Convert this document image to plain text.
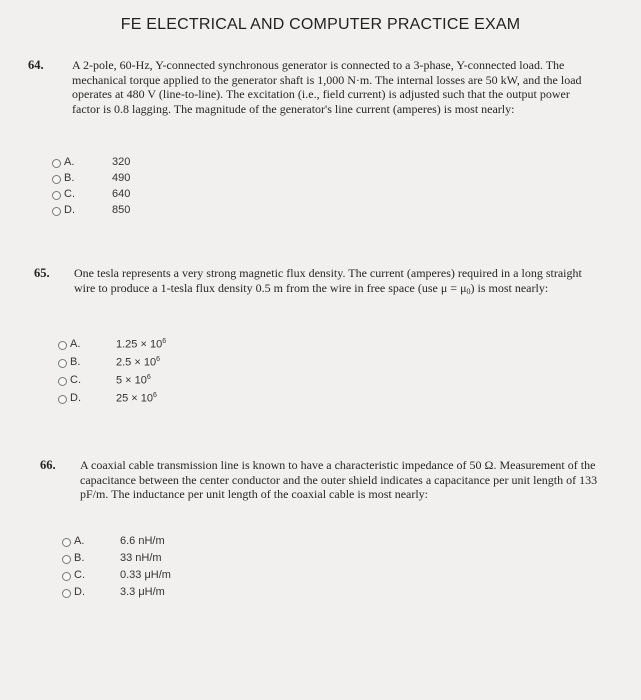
FE ELECTRICAL AND COMPUTER PRACTICE EXAM
64. A 2-pole, 60-Hz, Y-connected synchronous generator is connected to a 3-phase, Y-connected load. The mechanical torque applied to the generator shaft is 1,000 N·m. The internal losses are 50 kW, and the load operates at 480 V (line-to-line). The excitation (i.e., field current) is adjusted such that the output power factor is 0.8 lagging. The magnitude of the generator's line current (amperes) is most nearly:
A.	320
B.	490
C.	640
D.	850
65. One tesla represents a very strong magnetic flux density. The current (amperes) required in a long straight wire to produce a 1-tesla flux density 0.5 m from the wire in free space (use μ = μ0) is most nearly:
A.	$1.25 \times 10^6$
B.	$2.5 \times 10^6$
C.	$5 \times 10^6$
D.	$25 \times 10^6$
66. A coaxial cable transmission line is known to have a characteristic impedance of 50 Ω. Measurement of the capacitance between the center conductor and the outer shield indicates a capacitance per unit length of 133 pF/m. The inductance per unit length of the coaxial cable is most nearly:
A.	6.6 nH/m
B.	33 nH/m
C.	0.33 μH/m
D.	3.3 μH/m
